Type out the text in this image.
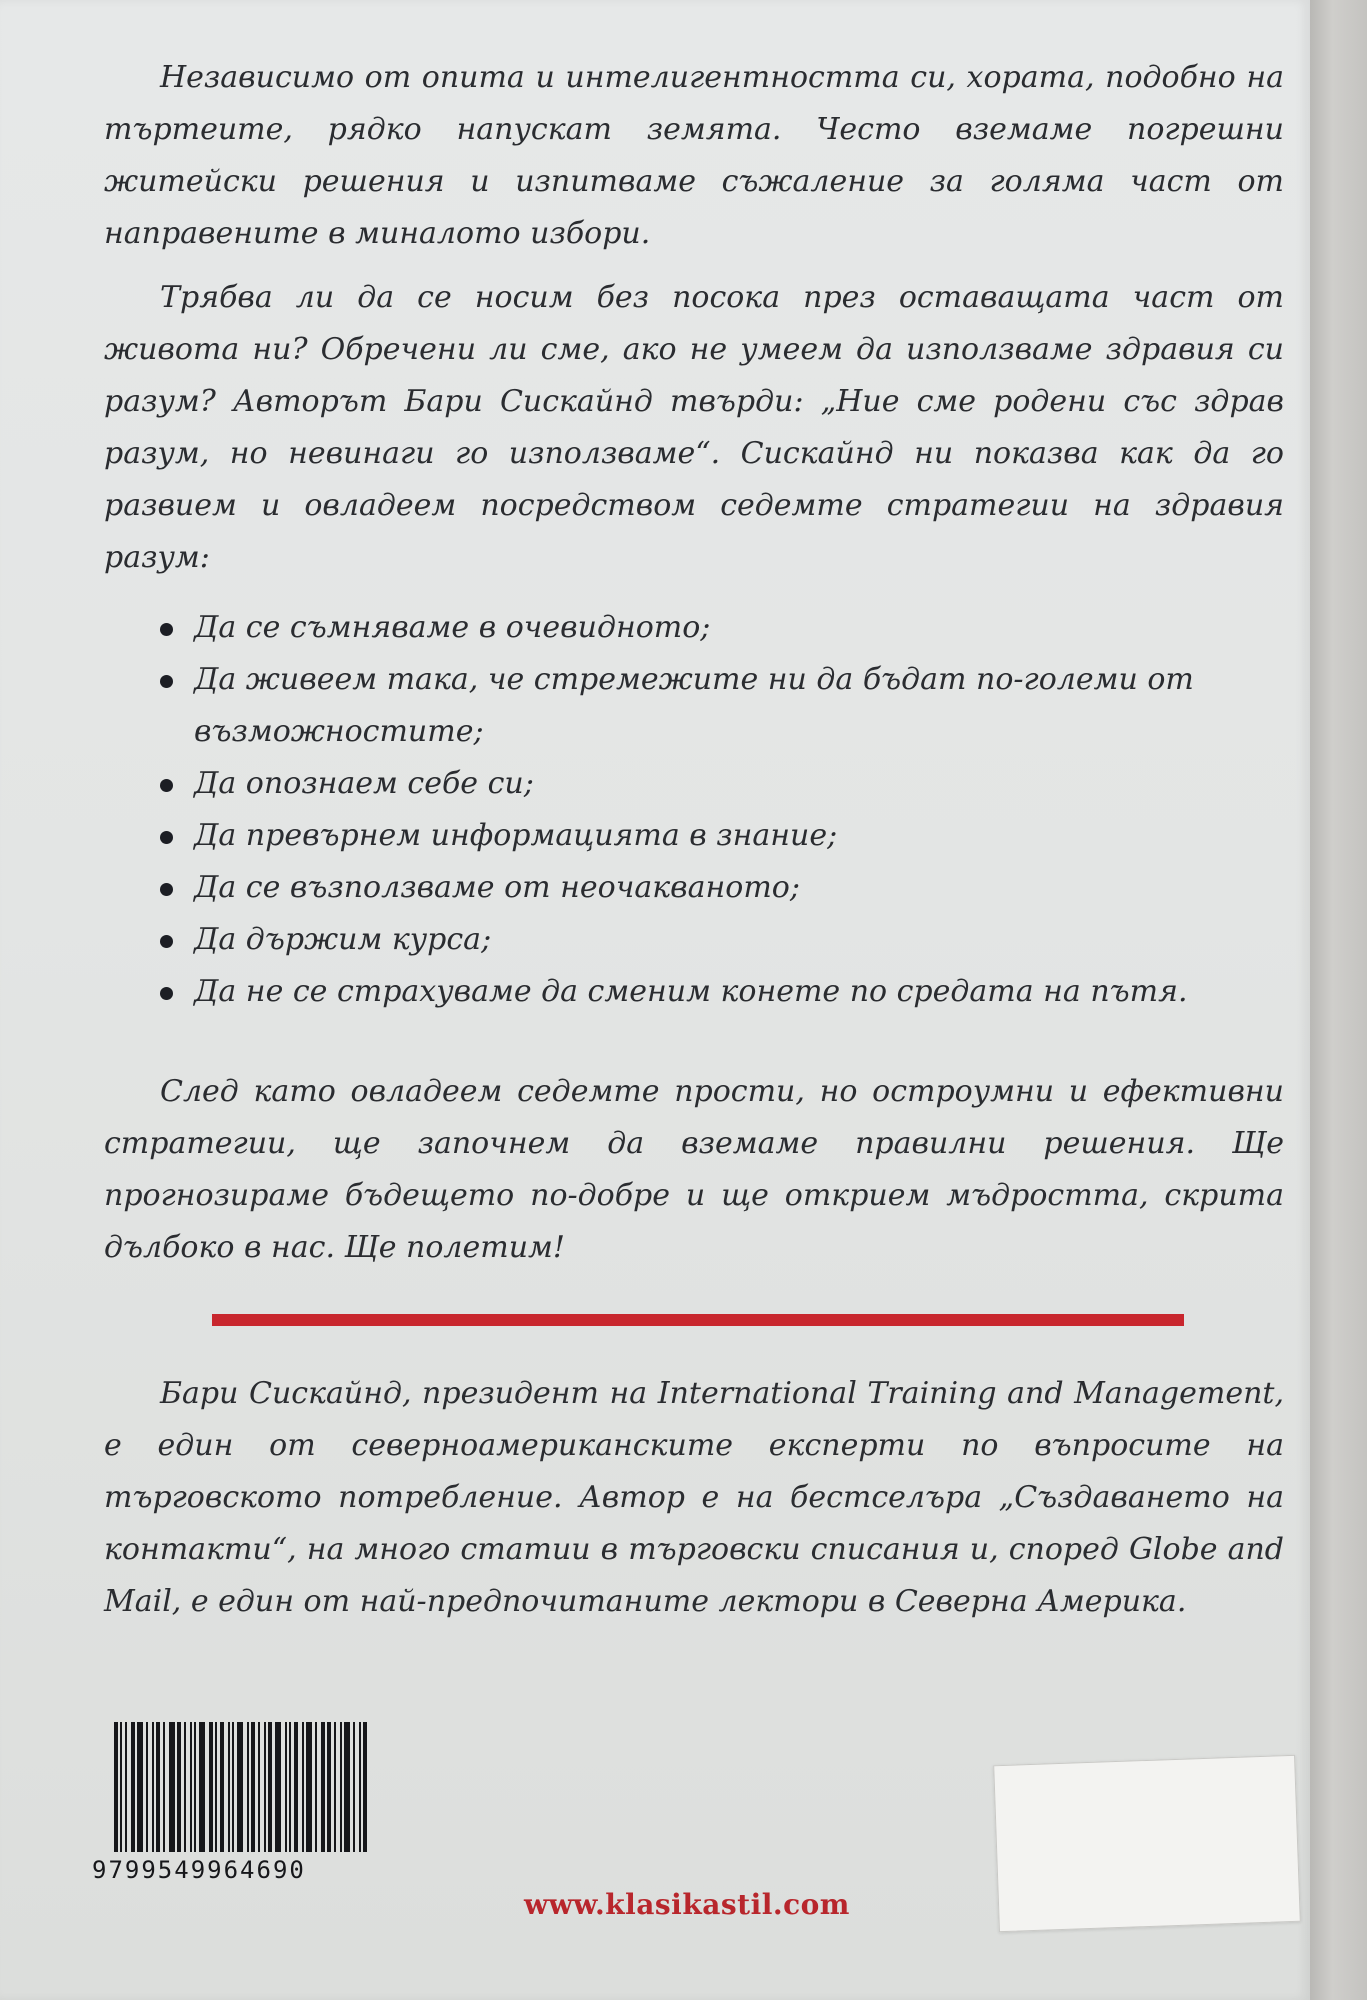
Независимо от опита и интелигентността си, хората, подобно на търтеите, рядко напускат земята. Често вземаме погрешни житейски решения и изпитваме съжаление за голяма част от направените в миналото избори.

Трябва ли да се носим без посока през оставащата част от живота ни? Обречени ли сме, ако не умеем да използваме здравия си разум? Авторът Бари Сискайнд твърди: „Ние сме родени със здрав разум, но невинаги го използваме“. Сискайнд ни показва как да го развием и овладеем посредством седемте стратегии на здравия разум:

Да се съмняваме в очевидното;
Да живеем така, че стремежите ни да бъдат по-големи от възможностите;
Да опознаем себе си;
Да превърнем информацията в знание;
Да се възползваме от неочакваното;
Да държим курса;
Да не се страхуваме да сменим конете по средата на пътя.

След като овладеем седемте прости, но остроумни и ефективни стратегии, ще започнем да вземаме правилни решения. Ще прогнозираме бъдещето по-добре и ще открием мъдростта, скрита дълбоко в нас. Ще полетим!

Бари Сискайнд, президент на International Training and Management, е един от северноамериканските експерти по въпросите на търговското потребление. Автор е на бестселъра „Създаването на контакти“, на много статии в търговски списания и, според Globe and Mail, е един от най-предпочитаните лектори в Северна Америка.

9799549964690
www.klasikastil.com
